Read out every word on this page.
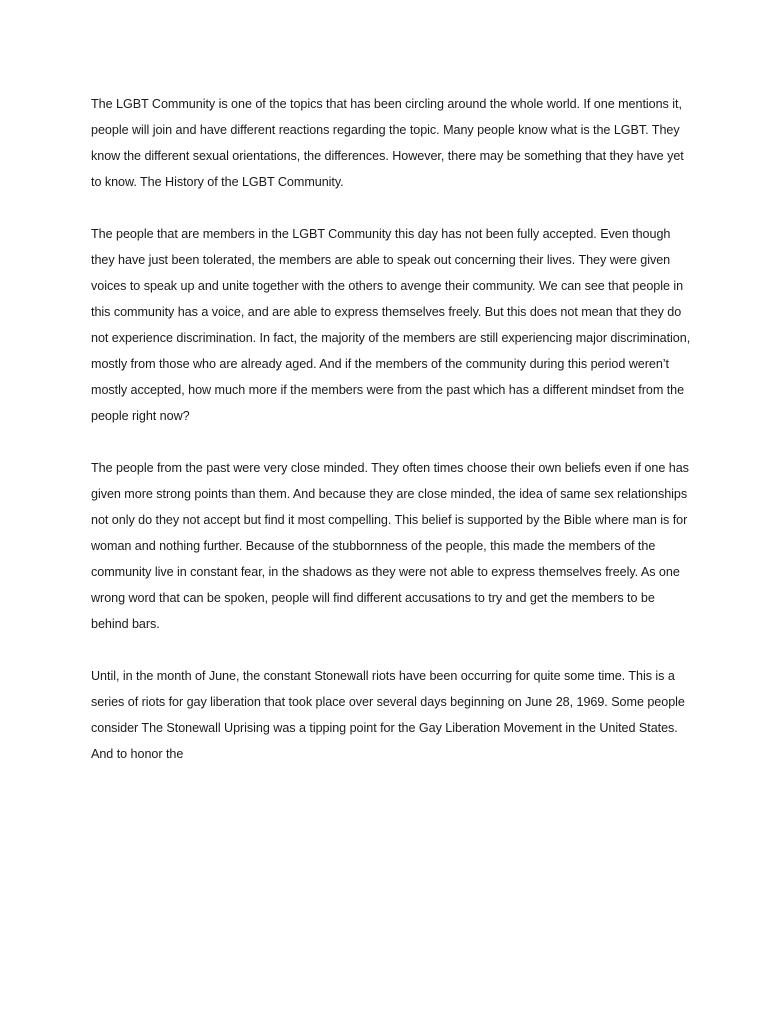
The LGBT Community is one of the topics that has been circling around the whole world. If one mentions it, people will join and have different reactions regarding the topic. Many people know what is the LGBT. They know the different sexual orientations, the differences. However, there may be something that they have yet to know. The History of the LGBT Community.

The people that are members in the LGBT Community this day has not been fully accepted. Even though they have just been tolerated, the members are able to speak out concerning their lives. They were given voices to speak up and unite together with the others to avenge their community. We can see that people in this community has a voice, and are able to express themselves freely. But this does not mean that they do not experience discrimination. In fact, the majority of the members are still experiencing major discrimination, mostly from those who are already aged. And if the members of the community during this period weren’t mostly accepted, how much more if the members were from the past which has a different mindset from the people right now?

The people from the past were very close minded. They often times choose their own beliefs even if one has given more strong points than them. And because they are close minded, the idea of same sex relationships not only do they not accept but find it most compelling. This belief is supported by the Bible where man is for woman and nothing further. Because of the stubbornness of the people, this made the members of the community live in constant fear, in the shadows as they were not able to express themselves freely. As one wrong word that can be spoken, people will find different accusations to try and get the members to be behind bars.

Until, in the month of June, the constant Stonewall riots have been occurring for quite some time. This is a series of riots for gay liberation that took place over several days beginning on June 28, 1969. Some people consider The Stonewall Uprising was a tipping point for the Gay Liberation Movement in the United States. And to honor the
